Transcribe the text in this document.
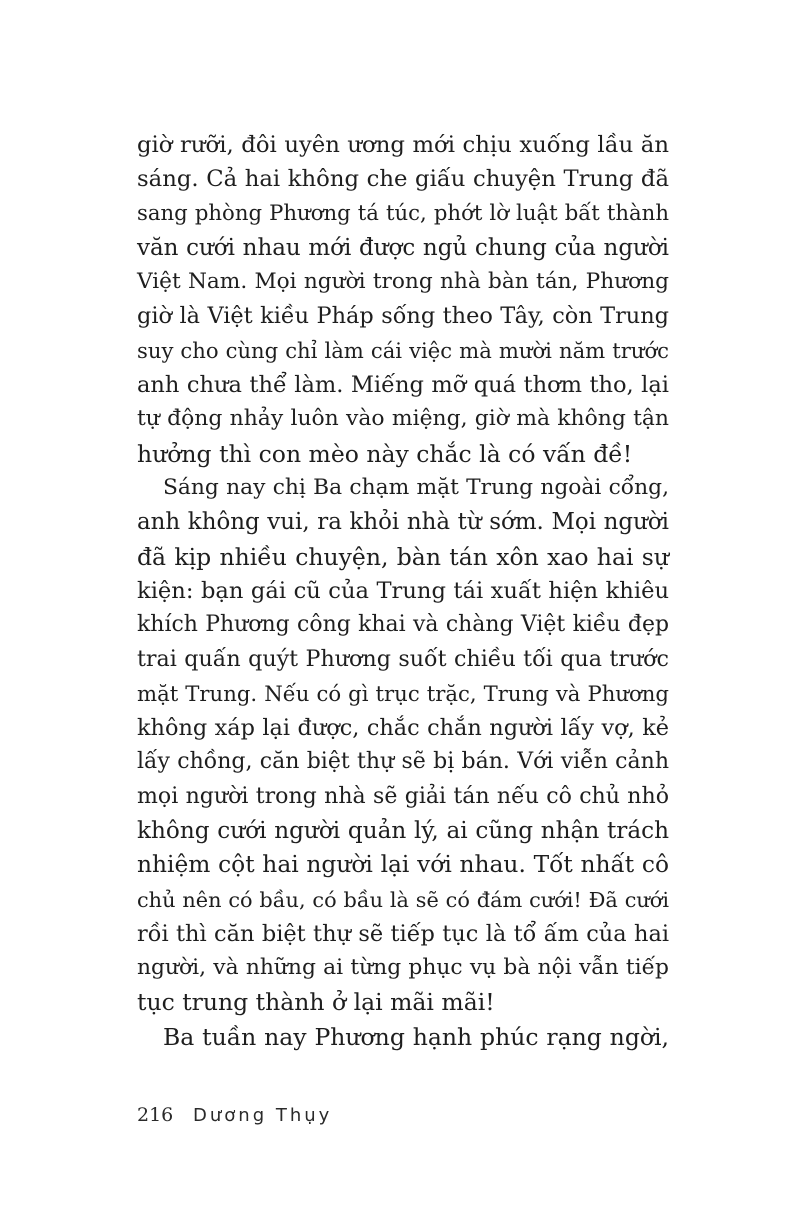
giờ rưỡi, đôi uyên ương mới chịu xuống lầu ăn
sáng. Cả hai không che giấu chuyện Trung đã
sang phòng Phương tá túc, phớt lờ luật bất thành
văn cưới nhau mới được ngủ chung của người
Việt Nam. Mọi người trong nhà bàn tán, Phương
giờ là Việt kiều Pháp sống theo Tây, còn Trung
suy cho cùng chỉ làm cái việc mà mười năm trước
anh chưa thể làm. Miếng mỡ quá thơm tho, lại
tự động nhảy luôn vào miệng, giờ mà không tận
hưởng thì con mèo này chắc là có vấn đề!
Sáng nay chị Ba chạm mặt Trung ngoài cổng,
anh không vui, ra khỏi nhà từ sớm. Mọi người
đã kịp nhiều chuyện, bàn tán xôn xao hai sự
kiện: bạn gái cũ của Trung tái xuất hiện khiêu
khích Phương công khai và chàng Việt kiều đẹp
trai quấn quýt Phương suốt chiều tối qua trước
mặt Trung. Nếu có gì trục trặc, Trung và Phương
không xáp lại được, chắc chắn người lấy vợ, kẻ
lấy chồng, căn biệt thự sẽ bị bán. Với viễn cảnh
mọi người trong nhà sẽ giải tán nếu cô chủ nhỏ
không cưới người quản lý, ai cũng nhận trách
nhiệm cột hai người lại với nhau. Tốt nhất cô
chủ nên có bầu, có bầu là sẽ có đám cưới! Đã cưới
rồi thì căn biệt thự sẽ tiếp tục là tổ ấm của hai
người, và những ai từng phục vụ bà nội vẫn tiếp
tục trung thành ở lại mãi mãi!
Ba tuần nay Phương hạnh phúc rạng ngời,
216 Dương Thụy
